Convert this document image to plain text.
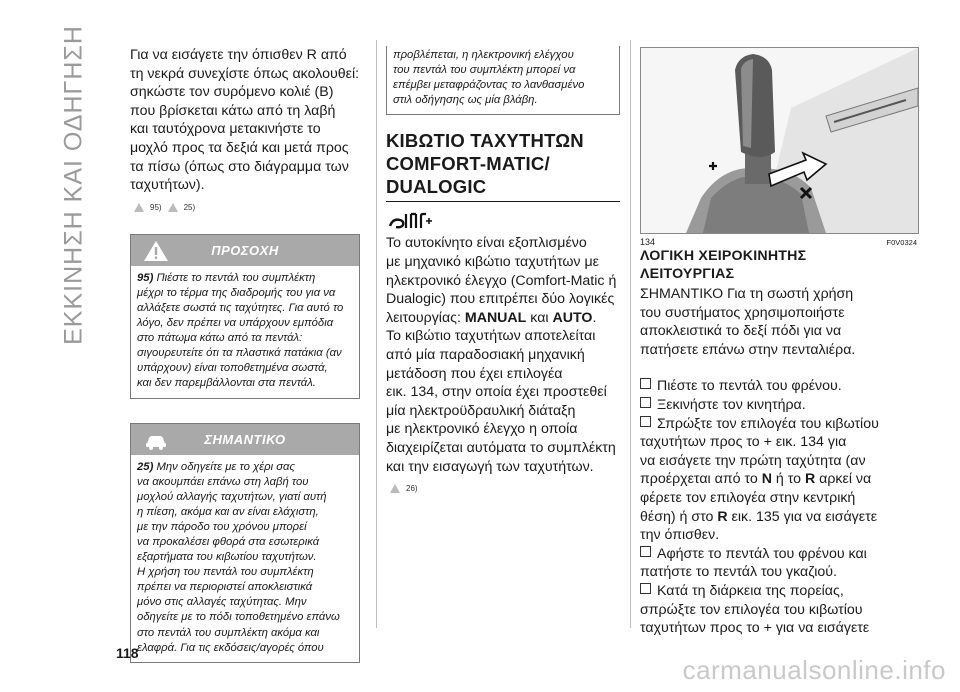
ΕΚΚΙΝΗΣΗ ΚΑΙ ΟΔΗΓΗΣΗ	Για να εισάγετε την όπισθεν R από
τη νεκρά συνεχίστε όπως ακολουθεί:
σηκώστε τον συρόμενο κολιέ (B)
που βρίσκεται κάτω από τη λαβή
και ταυτόχρονα μετακινήστε το
μοχλό προς τα δεξιά και μετά προς
τα πίσω (όπως στο διάγραμμα των
ταχυτήτων).
95)	25)
ΠΡΟΣΟΧΗ
95) Πιέστε το πεντάλ του συμπλέκτη
μέχρι το τέρμα της διαδρομής του για να
αλλάξετε σωστά τις ταχύτητες. Για αυτό το
λόγο, δεν πρέπει να υπάρχουν εμπόδια
στο πάτωμα κάτω από τα πεντάλ:
σιγουρευτείτε ότι τα πλαστικά πατάκια (αν
υπάρχουν) είναι τοποθετημένα σωστά,
και δεν παρεμβάλλονται στα πεντάλ.
ΣΗΜΑΝΤΙΚΟ
25) Μην οδηγείτε με το χέρι σας
να ακουμπάει επάνω στη λαβή του
μοχλού αλλαγής ταχυτήτων, γιατί αυτή
η πίεση, ακόμα και αν είναι ελάχιστη,
με την πάροδο του χρόνου μπορεί
να προκαλέσει φθορά στα εσωτερικά
εξαρτήματα του κιβωτίου ταχυτήτων.
Η χρήση του πεντάλ του συμπλέκτη
πρέπει να περιοριστεί αποκλειστικά
μόνο στις αλλαγές ταχύτητας. Μην
οδηγείτε με το πόδι τοποθετημένο επάνω
στο πεντάλ του συμπλέκτη ακόμα και
ελαφρά. Για τις εκδόσεις/αγορές όπου
προβλέπεται, η ηλεκτρονική ελέγχου
του πεντάλ του συμπλέκτη μπορεί να
επέμβει μεταφράζοντας το λανθασμένο
στιλ οδήγησης ως μία βλάβη.
ΚΙΒΩΤΙΟ ΤΑΧΥΤΗΤΩΝ
COMFORT-MATIC/
DUALOGIC
Το αυτοκίνητο είναι εξοπλισμένο
με μηχανικό κιβώτιο ταχυτήτων με
ηλεκτρονικό έλεγχο (Comfort-Matic ή
Dualogic) που επιτρέπει δύο λογικές
λειτουργίας: MANUAL και AUTO.
Το κιβώτιο ταχυτήτων αποτελείται
από μία παραδοσιακή μηχανική
μετάδοση που έχει επιλογέα
εικ. 134, στην οποία έχει προστεθεί
μία ηλεκτροϋδραυλική διάταξη
με ηλεκτρονικό έλεγχο η οποία
διαχειρίζεται αυτόματα το συμπλέκτη
και την εισαγωγή των ταχυτήτων.
26)
134	F0V0324
ΛΟΓΙΚΗ ΧΕΙΡΟΚΙΝΗΤΗΣ
ΛΕΙΤΟΥΡΓΙΑΣ
ΣΗΜΑΝΤΙΚΟ Για τη σωστή χρήση
του συστήματος χρησιμοποιήστε
αποκλειστικά το δεξί πόδι για να
πατήσετε επάνω στην πενταλιέρα.
Πιέστε το πεντάλ του φρένου.
Ξεκινήστε τον κινητήρα.
Σπρώξτε τον επιλογέα του κιβωτίου
ταχυτήτων προς το + εικ. 134 για
να εισάγετε την πρώτη ταχύτητα (αν
προέρχεται από το N ή το R αρκεί να
φέρετε τον επιλογέα στην κεντρική
θέση) ή στο R εικ. 135 για να εισάγετε
την όπισθεν.
Αφήστε το πεντάλ του φρένου και
πατήστε το πεντάλ του γκαζιού.
Κατά τη διάρκεια της πορείας,
σπρώξτε τον επιλογέα του κιβωτίου
ταχυτήτων προς το + για να εισάγετε
118
carmanualsonline.info
